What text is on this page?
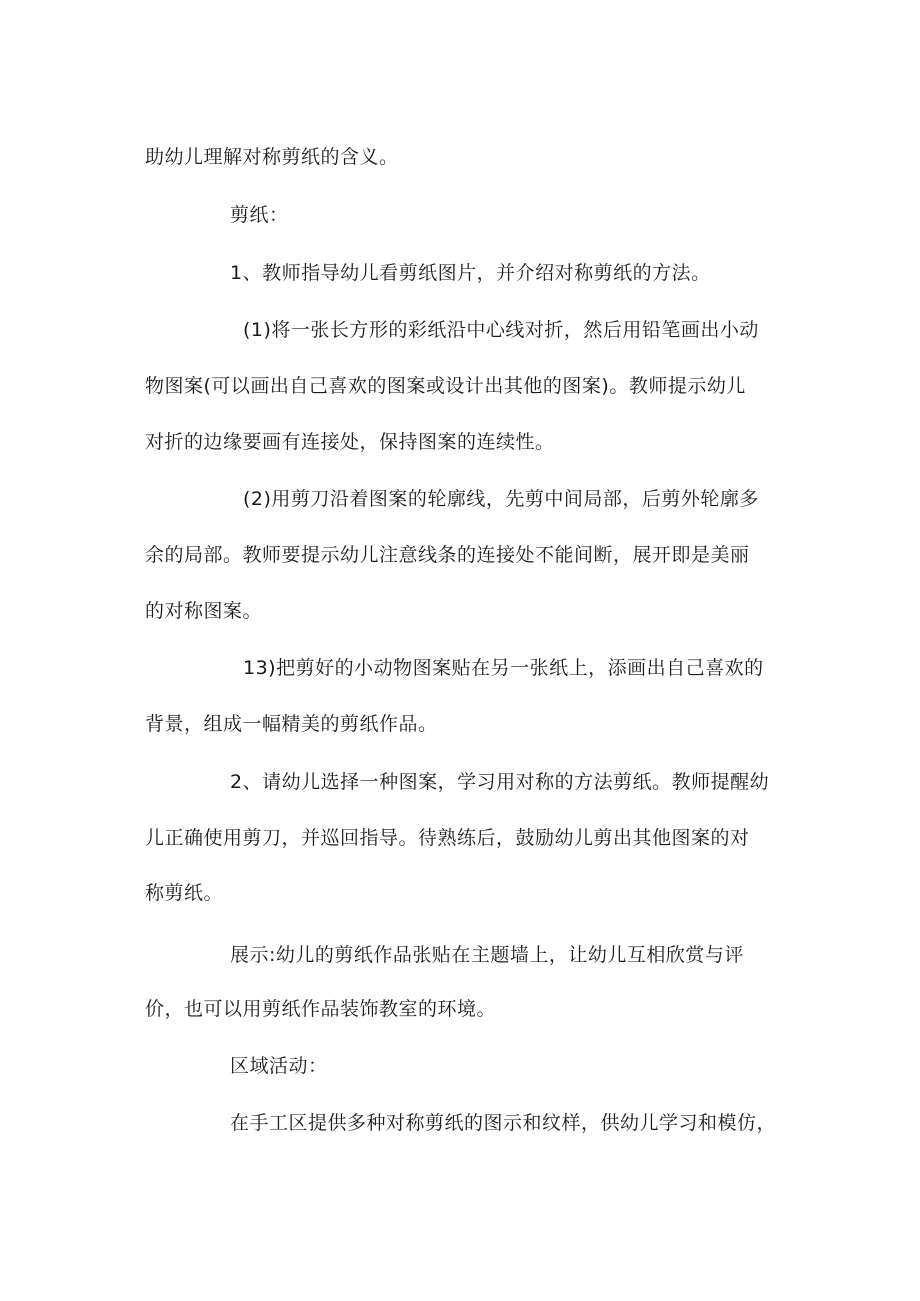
助幼儿理解对称剪纸的含义。
剪纸：
1、教师指导幼儿看剪纸图片，并介绍对称剪纸的方法。
(1)将一张长方形的彩纸沿中心线对折，然后用铅笔画出小动
物图案(可以画出自己喜欢的图案或设计出其他的图案)。教师提示幼儿
对折的边缘要画有连接处，保持图案的连续性。
(2)用剪刀沿着图案的轮廓线，先剪中间局部，后剪外轮廓多
余的局部。教师要提示幼儿注意线条的连接处不能间断，展开即是美丽
的对称图案。
13)把剪好的小动物图案贴在另一张纸上，添画出自己喜欢的
背景，组成一幅精美的剪纸作品。
2、请幼儿选择一种图案，学习用对称的方法剪纸。教师提醒幼
儿正确使用剪刀，并巡回指导。待熟练后，鼓励幼儿剪出其他图案的对
称剪纸。
展示:幼儿的剪纸作品张贴在主题墙上，让幼儿互相欣赏与评
价，也可以用剪纸作品装饰教室的环境。
区域活动：
在手工区提供多种对称剪纸的图示和纹样，供幼儿学习和模仿，
